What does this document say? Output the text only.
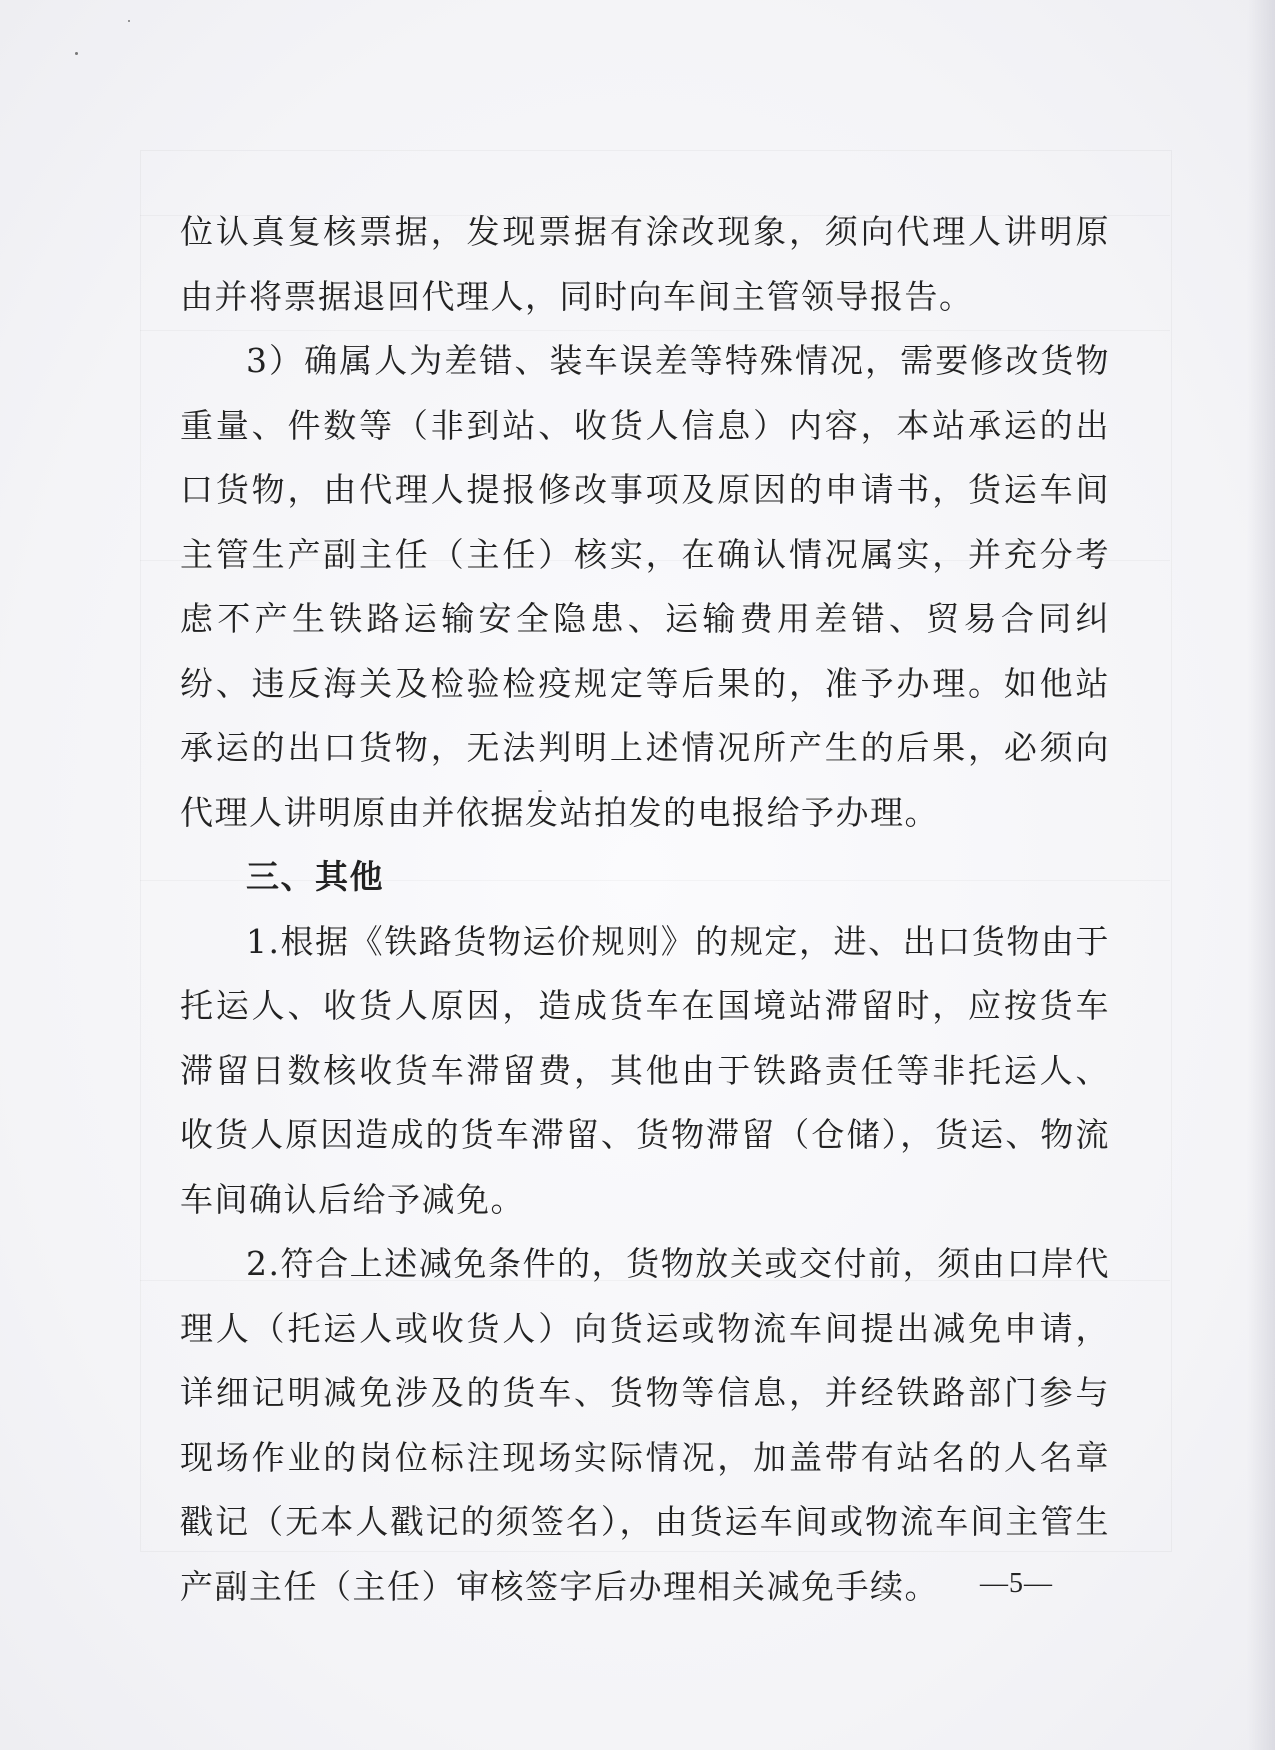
位认真复核票据，发现票据有涂改现象，须向代理人讲明原由并将票据退回代理人，同时向车间主管领导报告。

3）确属人为差错、装车误差等特殊情况，需要修改货物重量、件数等（非到站、收货人信息）内容，本站承运的出口货物，由代理人提报修改事项及原因的申请书，货运车间主管生产副主任（主任）核实，在确认情况属实，并充分考虑不产生铁路运输安全隐患、运输费用差错、贸易合同纠纷、违反海关及检验检疫规定等后果的，准予办理。如他站承运的出口货物，无法判明上述情况所产生的后果，必须向代理人讲明原由并依据发站拍发的电报给予办理。

三、其他

1.根据《铁路货物运价规则》的规定，进、出口货物由于托运人、收货人原因，造成货车在国境站滞留时，应按货车滞留日数核收货车滞留费，其他由于铁路责任等非托运人、收货人原因造成的货车滞留、货物滞留（仓储），货运、物流车间确认后给予减免。

2.符合上述减免条件的，货物放关或交付前，须由口岸代理人（托运人或收货人）向货运或物流车间提出减免申请，详细记明减免涉及的货车、货物等信息，并经铁路部门参与现场作业的岗位标注现场实际情况，加盖带有站名的人名章戳记（无本人戳记的须签名），由货运车间或物流车间主管生产副主任（主任）审核签字后办理相关减免手续。	—5—
